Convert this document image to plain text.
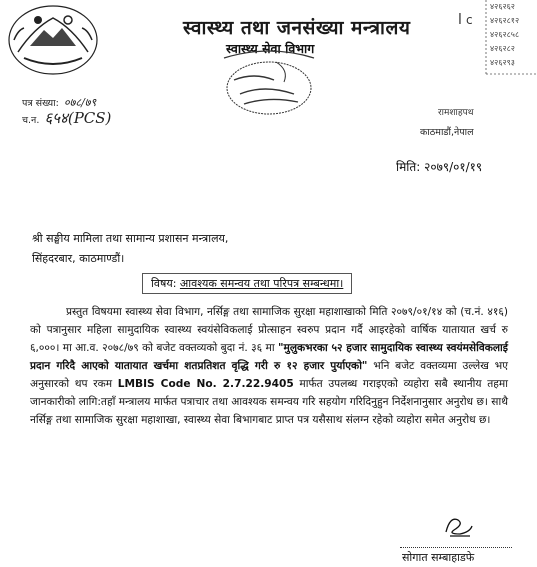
स्वास्थ्य तथा जनसंख्या मन्त्रालय
स्वास्थ्य सेवा विभाग
४२६२६२
४२६२८१२
४२६२८५८
४२६२८२
४२६२९३
l c
पत्र संख्या: ०७८/७९
च.न. ६५४(PCS)	रामशाहपथ
काठमाडौं,नेपाल
मिति: २०७९/०१/१९
श्री सङ्घीय मामिला तथा सामान्य प्रशासन मन्त्रालय,
सिंहदरबार, काठमाण्डौं।
विषय: आवश्यक समन्वय तथा परिपत्र सम्बन्धमा।

प्रस्तुत विषयमा स्वास्थ्य सेवा विभाग, नर्सिङ्ग तथा सामाजिक सुरक्षा महाशाखाको मिति २०७९/०१/१४ को (च.नं. ४१६) को पत्रानुसार महिला सामुदायिक स्वास्थ्य स्वयंसेविकलाई प्रोत्साहन स्वरुप प्रदान गर्दै आइरहेको वार्षिक यातायात खर्च रु ६,०००। मा आ.व. २०७८/७९ को बजेट वक्तव्यको बुदा नं. ३६ मा "मुलुकभरका ५२ हजार सामुदायिक स्वास्थ्य स्वयंमसेविकलाई प्रदान गरिदै आएको यातायात खर्चमा शतप्रतिशत वृद्धि गरी रु १२ हजार पुर्याएको" भनि बजेट वक्तव्यमा उल्लेख भए अनुसारको थप रकम LMBIS Code No. 2.7.22.9405 मार्फत उपलब्ध गराइएको व्यहोरा सबै स्थानीय तहमा जानकारीको लागि:तहाँ मन्त्रालय मार्फत पत्राचार तथा आवश्यक समन्वय गरि सहयोग गरिदिनुहुन निर्देशनानुसार अनुरोध छ। साथै नर्सिङ्ग तथा सामाजिक सुरक्षा महाशाखा, स्वास्थ्य सेवा बिभागबाट प्राप्त पत्र यसैसाथ संलग्न रहेको व्यहोरा समेत अनुरोध छ।

सोगात सम्बाहाडफे
